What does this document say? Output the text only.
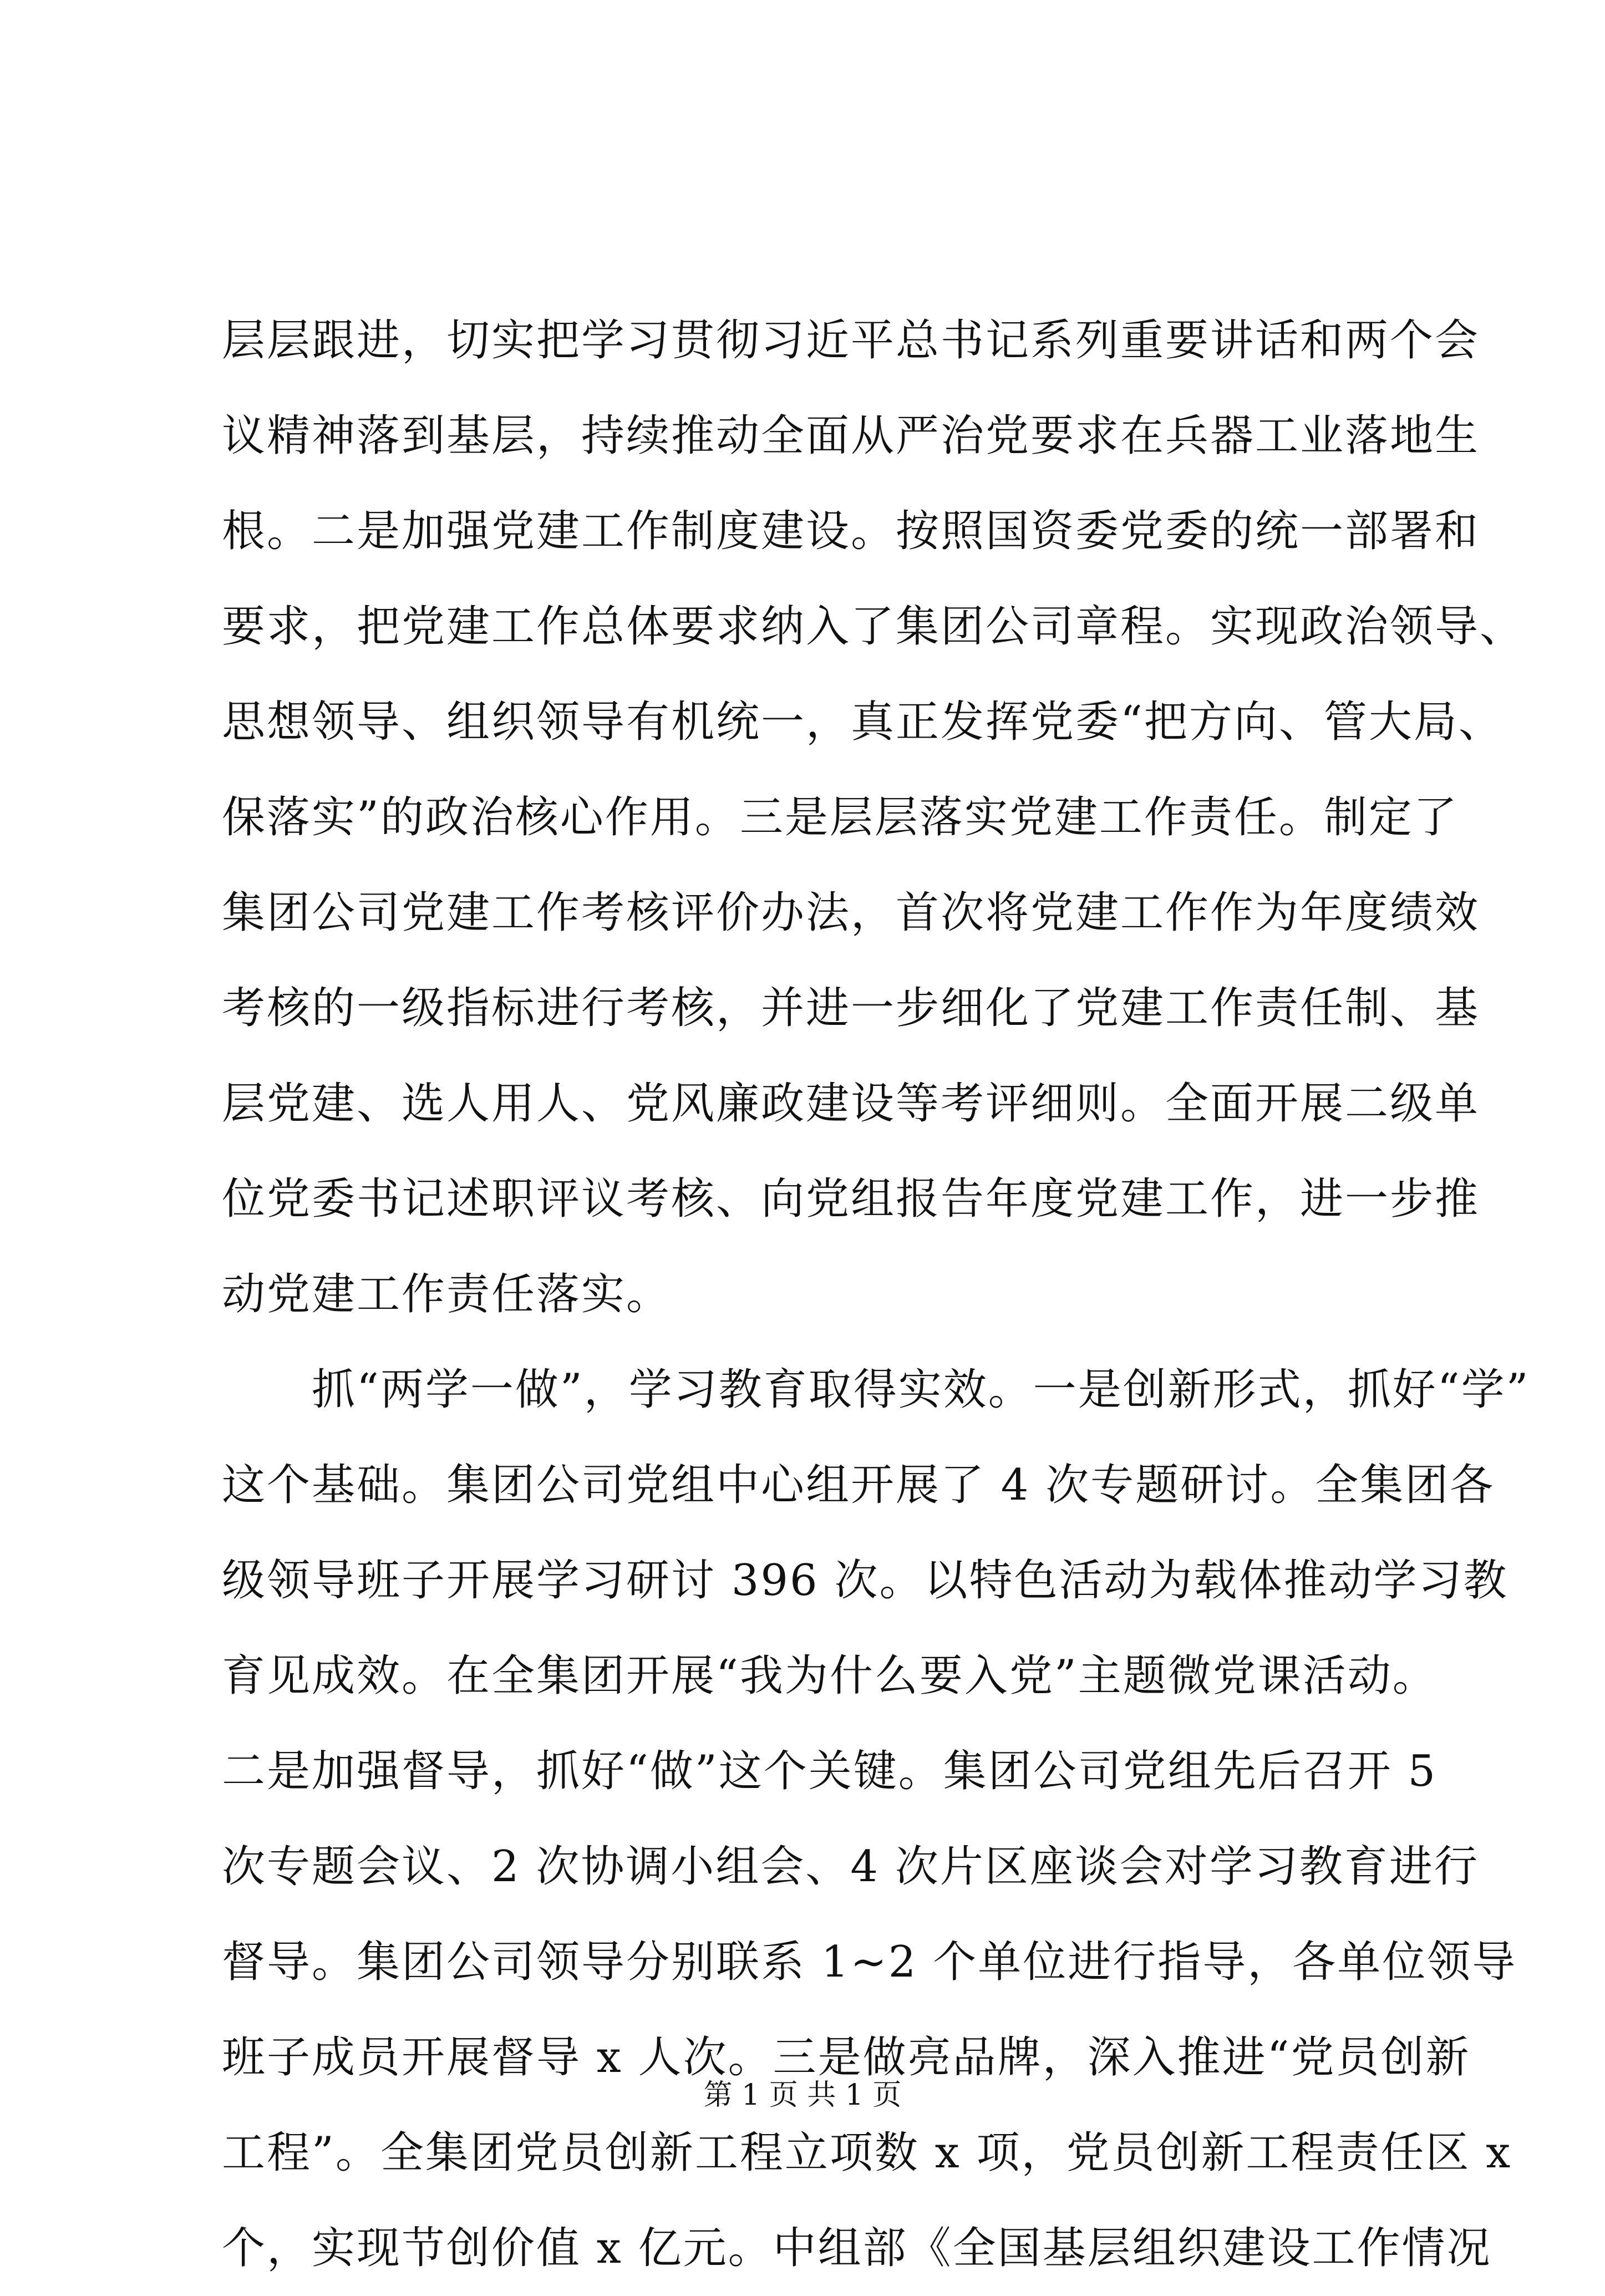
层层跟进，切实把学习贯彻习近平总书记系列重要讲话和两个会
议精神落到基层，持续推动全面从严治党要求在兵器工业落地生
根。二是加强党建工作制度建设。按照国资委党委的统一部署和
要求，把党建工作总体要求纳入了集团公司章程。实现政治领导、
思想领导、组织领导有机统一，真正发挥党委“把方向、管大局、
保落实”的政治核心作用。三是层层落实党建工作责任。制定了
集团公司党建工作考核评价办法，首次将党建工作作为年度绩效
考核的一级指标进行考核，并进一步细化了党建工作责任制、基
层党建、选人用人、党风廉政建设等考评细则。全面开展二级单
位党委书记述职评议考核、向党组报告年度党建工作，进一步推
动党建工作责任落实。
　　抓“两学一做”，学习教育取得实效。一是创新形式，抓好“学”
这个基础。集团公司党组中心组开展了 4 次专题研讨。全集团各
级领导班子开展学习研讨 396 次。以特色活动为载体推动学习教
育见成效。在全集团开展“我为什么要入党”主题微党课活动。
二是加强督导，抓好“做”这个关键。集团公司党组先后召开 5
次专题会议、2 次协调小组会、4 次片区座谈会对学习教育进行
督导。集团公司领导分别联系 1~2 个单位进行指导，各单位领导
班子成员开展督导 x 人次。三是做亮品牌，深入推进“党员创新
工程”。全集团党员创新工程立项数 x 项，党员创新工程责任区 x
个，实现节创价值 x 亿元。中组部《全国基层组织建设工作情况
第 1 页 共 1 页
